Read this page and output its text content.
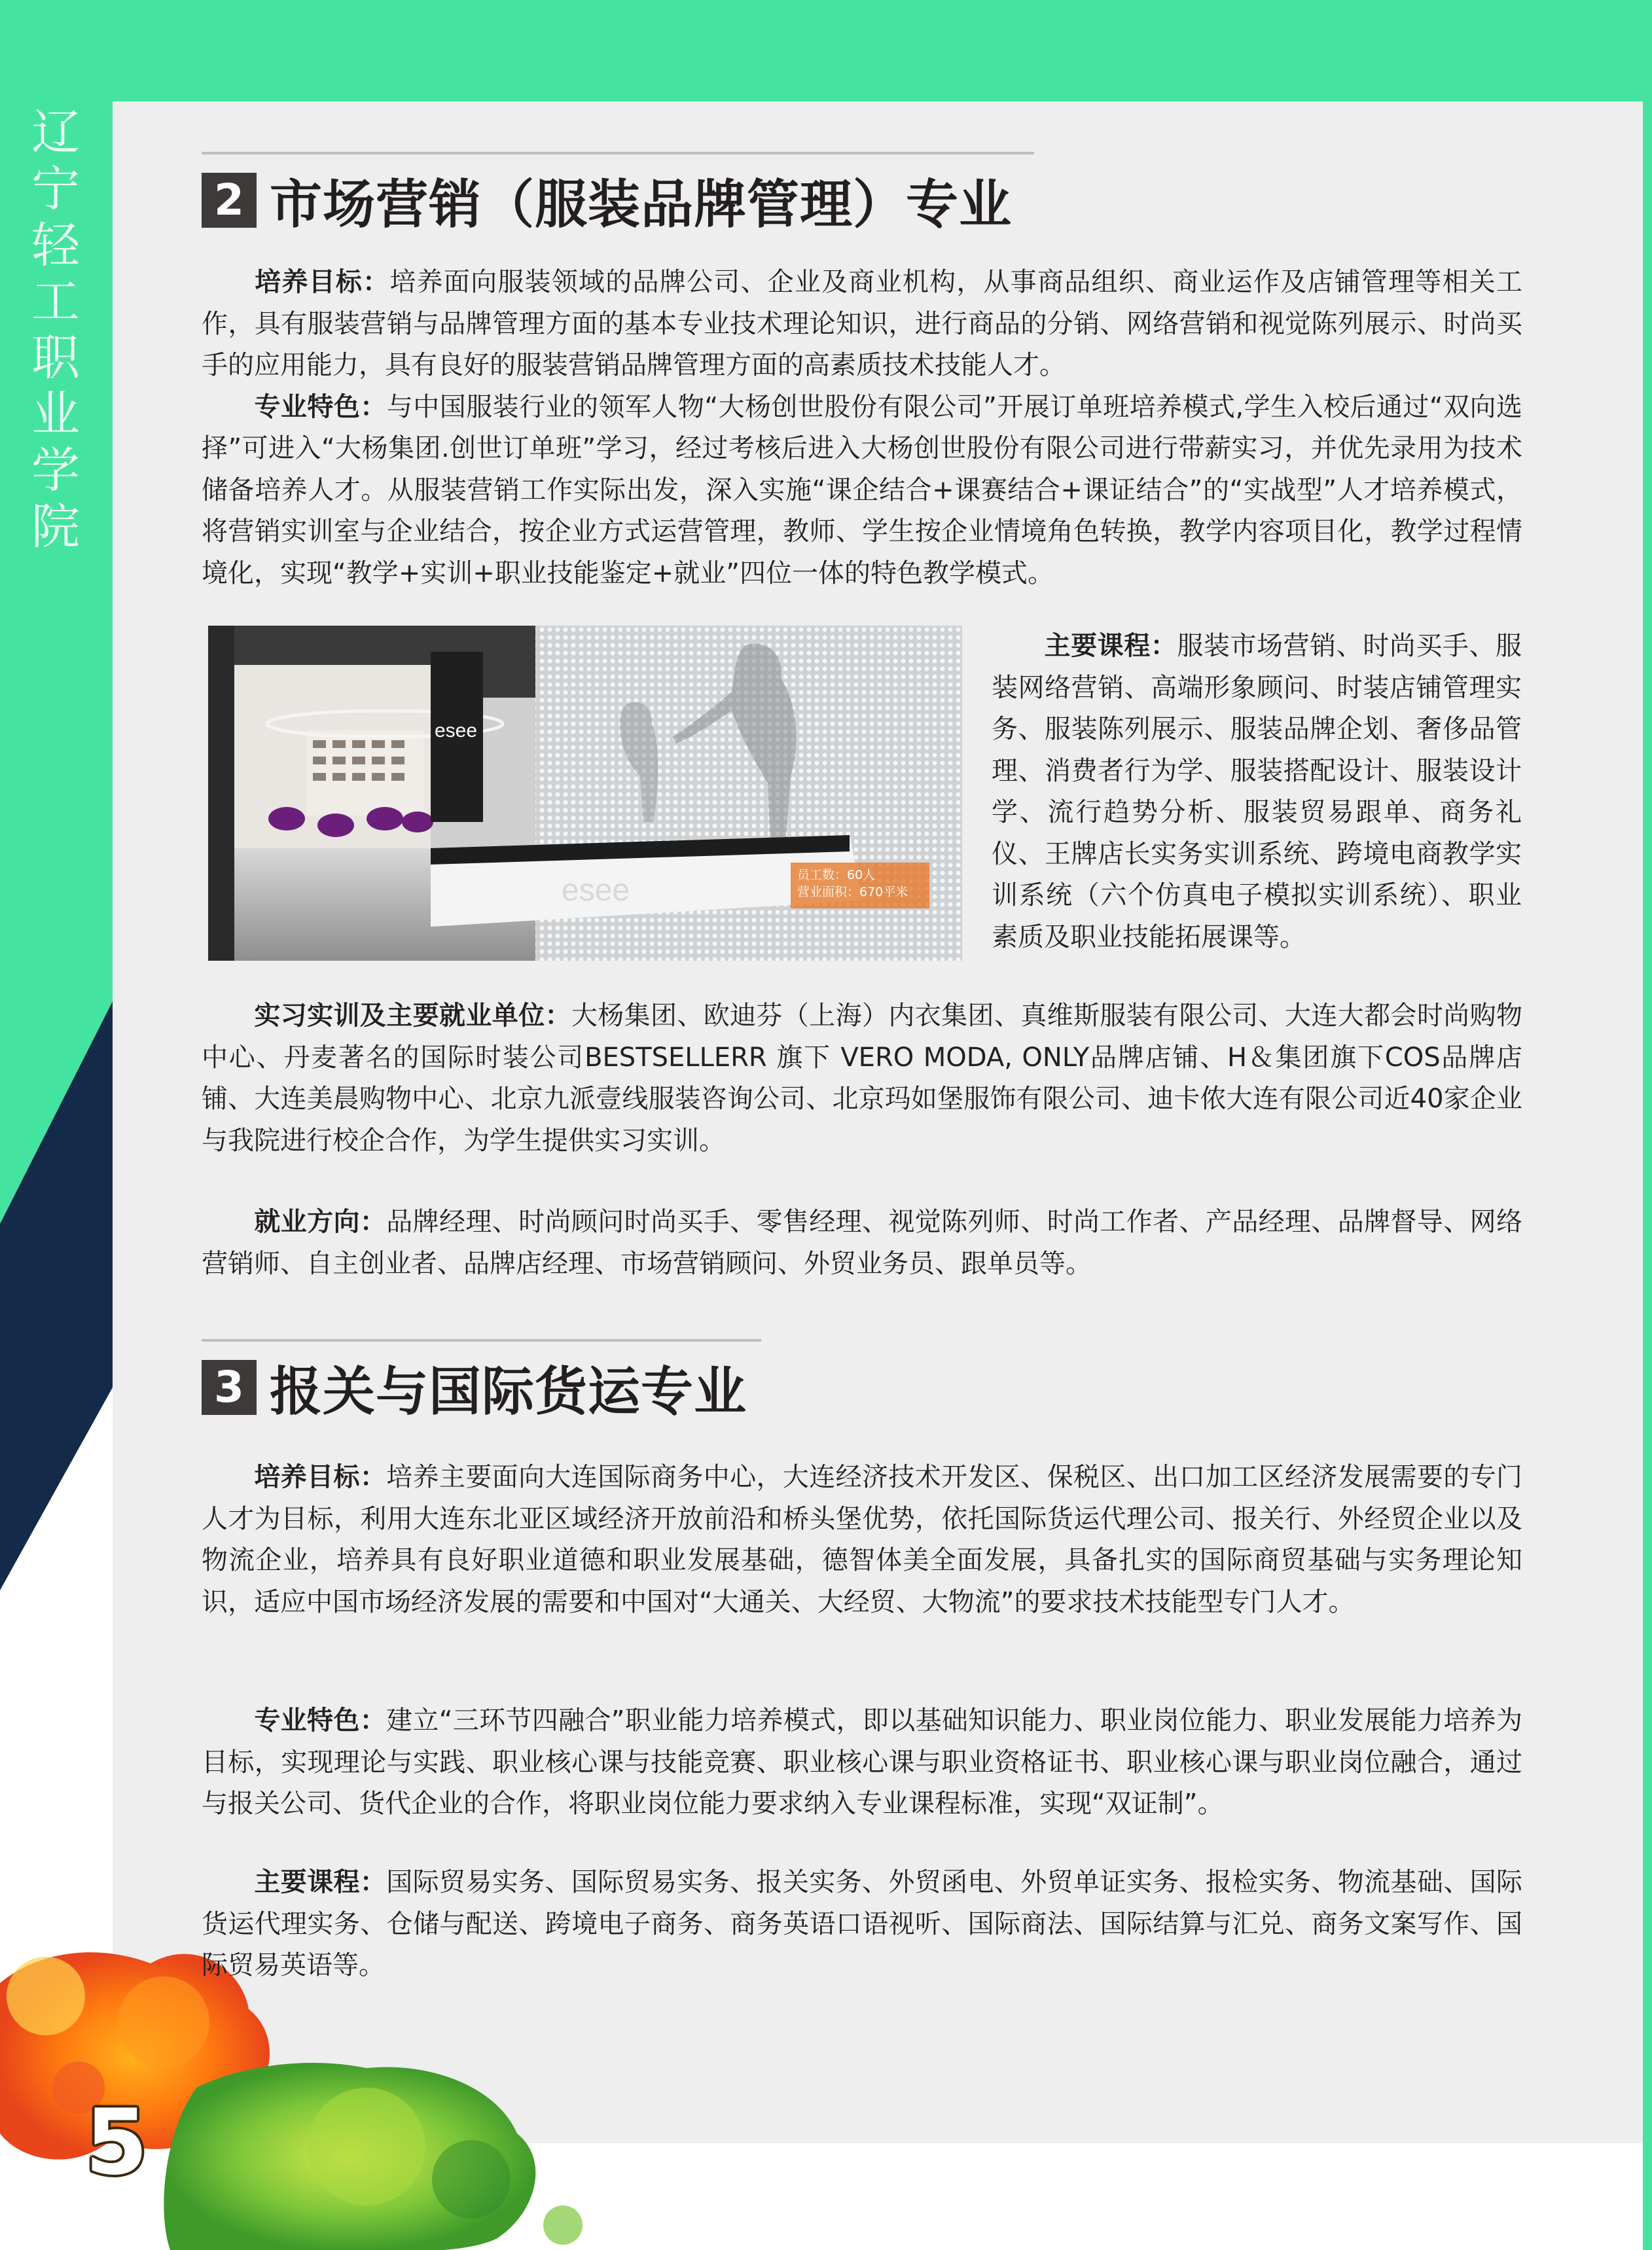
辽
宁
轻
工
职
业
学
院
5
2 市场营销（服装品牌管理）专业
培养目标：培养面向服装领域的品牌公司、企业及商业机构，从事商品组织、商业运作及店铺管理等相关工作，具有服装营销与品牌管理方面的基本专业技术理论知识，进行商品的分销、网络营销和视觉陈列展示、时尚买手的应用能力，具有良好的服装营销品牌管理方面的高素质技术技能人才。
专业特色：与中国服装行业的领军人物“大杨创世股份有限公司”开展订单班培养模式,学生入校后通过“双向选择”可进入“大杨集团.创世订单班”学习，经过考核后进入大杨创世股份有限公司进行带薪实习，并优先录用为技术储备培养人才。从服装营销工作实际出发，深入实施“课企结合+课赛结合+课证结合”的“实战型”人才培养模式，将营销实训室与企业结合，按企业方式运营管理，教师、学生按企业情境角色转换，教学内容项目化，教学过程情境化，实现“教学+实训+职业技能鉴定+就业”四位一体的特色教学模式。
esee
esee	员工数：60人
营业面积：670平米
主要课程：服装市场营销、时尚买手、服装网络营销、高端形象顾问、时装店铺管理实务、服装陈列展示、服装品牌企划、奢侈品管理、消费者行为学、服装搭配设计、服装设计学、流行趋势分析、服装贸易跟单、商务礼仪、王牌店长实务实训系统、跨境电商教学实训系统（六个仿真电子模拟实训系统）、职业素质及职业技能拓展课等。
实习实训及主要就业单位：大杨集团、欧迪芬（上海）内衣集团、真维斯服装有限公司、大连大都会时尚购物中心、丹麦著名的国际时装公司BESTSELLERR 旗下 VERO MODA, ONLY品牌店铺、H＆集团旗下COS品牌店铺、大连美晨购物中心、北京九派壹线服装咨询公司、北京玛如堡服饰有限公司、迪卡侬大连有限公司近40家企业与我院进行校企合作，为学生提供实习实训。
就业方向：品牌经理、时尚顾问时尚买手、零售经理、视觉陈列师、时尚工作者、产品经理、品牌督导、网络营销师、自主创业者、品牌店经理、市场营销顾问、外贸业务员、跟单员等。
3 报关与国际货运专业
培养目标：培养主要面向大连国际商务中心，大连经济技术开发区、保税区、出口加工区经济发展需要的专门人才为目标，利用大连东北亚区域经济开放前沿和桥头堡优势，依托国际货运代理公司、报关行、外经贸企业以及物流企业，培养具有良好职业道德和职业发展基础，德智体美全面发展，具备扎实的国际商贸基础与实务理论知识，适应中国市场经济发展的需要和中国对“大通关、大经贸、大物流”的要求技术技能型专门人才。
专业特色：建立“三环节四融合”职业能力培养模式，即以基础知识能力、职业岗位能力、职业发展能力培养为目标，实现理论与实践、职业核心课与技能竞赛、职业核心课与职业资格证书、职业核心课与职业岗位融合，通过与报关公司、货代企业的合作，将职业岗位能力要求纳入专业课程标准，实现“双证制”。
主要课程：国际贸易实务、国际贸易实务、报关实务、外贸函电、外贸单证实务、报检实务、物流基础、国际货运代理实务、仓储与配送、跨境电子商务、商务英语口语视听、国际商法、国际结算与汇兑、商务文案写作、国际贸易英语等。
